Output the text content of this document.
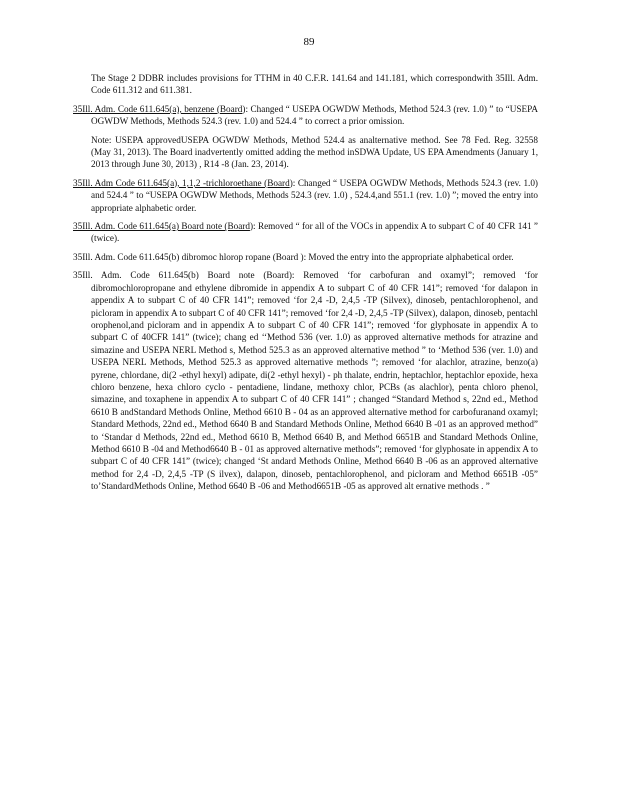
89

The Stage 2 DDBR includes provisions for TTHM in 40 C.F.R. 141.64 and 141.181, which correspondwith 35Ill. Adm. Code 611.312 and 611.381.

35Ill. Adm. Code 611.645(a), benzene (Board): Changed “ USEPA OGWDW Methods, Method 524.3 (rev. 1.0) ” to “USEPA OGWDW Methods, Methods 524.3 (rev. 1.0) and 524.4 ” to correct a prior omission.

Note: USEPA approvedUSEPA OGWDW Methods, Method 524.4 as analternative method. See 78 Fed. Reg. 32558 (May 31, 2013). The Board inadvertently omitted adding the method inSDWA Update, US EPA Amendments (January 1, 2013 through June 30, 2013) , R14 -8 (Jan. 23, 2014).

35Ill. Adm Code 611.645(a), 1,1,2 -trichloroethane (Board): Changed “ USEPA OGWDW Methods, Methods 524.3 (rev. 1.0) and 524.4 ” to “USEPA OGWDW Methods, Methods 524.3 (rev. 1.0) , 524.4,and 551.1 (rev. 1.0) ”; moved the entry into appropriate alphabetic order.

35Ill. Adm. Code 611.645(a) Board note (Board): Removed “ for all of the VOCs in appendix A to subpart C of 40 CFR 141 ” (twice).

35Ill. Adm. Code 611.645(b) dibromoc hlorop ropane (Board ): Moved the entry into the appropriate alphabetical order.

35Ill. Adm. Code 611.645(b) Board note (Board): Removed ‘for carbofuran and oxamyl”; removed ‘for dibromochloropropane and ethylene dibromide in appendix A to subpart C of 40 CFR 141”; removed ‘for dalapon in appendix A to subpart C of 40 CFR 141”; removed ‘for 2,4 -D, 2,4,5 -TP (Silvex), dinoseb, pentachlorophenol, and picloram in appendix A to subpart C of 40 CFR 141”; removed ‘for 2,4 -D, 2,4,5 -TP (Silvex), dalapon, dinoseb, pentachl orophenol,and picloram and in appendix A to subpart C of 40 CFR 141”; removed ‘for glyphosate in appendix A to subpart C of 40CFR 141” (twice); chang ed ‘‘Method 536 (ver. 1.0) as approved alternative methods for atrazine and simazine and USEPA NERL Method s, Method 525.3 as an approved alternative method ” to ‘Method 536 (ver. 1.0) and USEPA NERL Methods, Method 525.3 as approved alternative methods ”; removed ‘for alachlor, atrazine, benzo(a) pyrene, chlordane, di(2 -ethyl hexyl) adipate, di(2 -ethyl hexyl) - ph thalate, endrin, heptachlor, heptachlor epoxide, hexa chloro benzene, hexa chloro cyclo - pentadiene, lindane, methoxy chlor, PCBs (as alachlor), penta chloro phenol, simazine, and toxaphene in appendix A to subpart C of 40 CFR 141” ; changed “Standard Method s, 22nd ed., Method 6610 B andStandard Methods Online, Method 6610 B - 04 as an approved alternative method for carbofuranand oxamyl; Standard Methods, 22nd ed., Method 6640 B and Standard Methods Online, Method 6640 B -01 as an approved method” to ‘Standar d Methods, 22nd ed., Method 6610 B, Method 6640 B, and Method 6651B and Standard Methods Online, Method 6610 B -04 and Method6640 B - 01 as approved alternative methods”; removed ‘for glyphosate in appendix A to subpart C of 40 CFR 141” (twice); changed ‘St andard Methods Online, Method 6640 B -06 as an approved alternative method for 2,4 -D, 2,4,5 -TP (S ilvex), dalapon, dinoseb, pentachlorophenol, and picloram and Method 6651B -05” to’StandardMethods Online, Method 6640 B -06 and Method6651B -05 as approved alt ernative methods . ”
